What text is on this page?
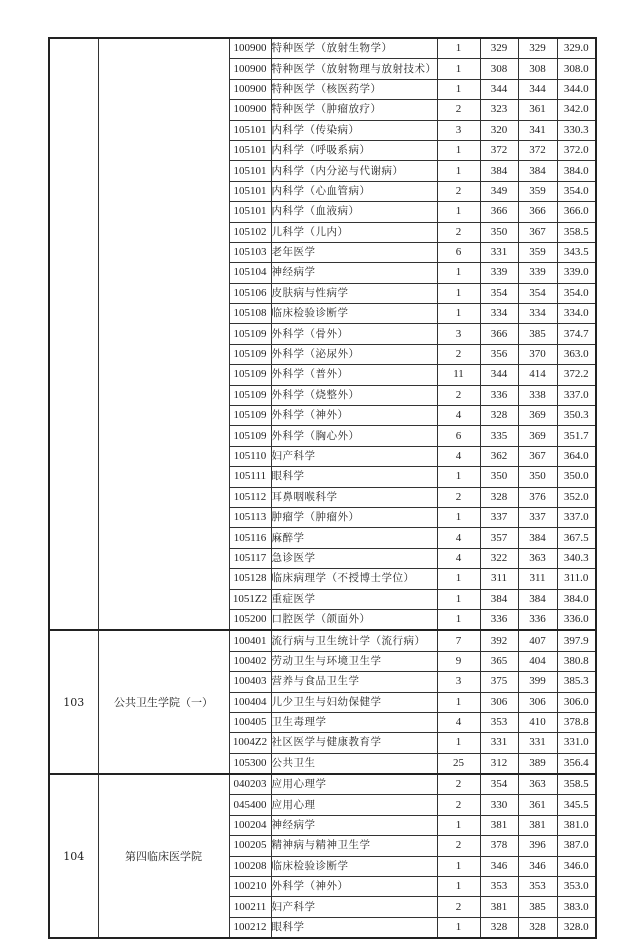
		100900	特种医学（放射生物学）	1	329	329	329.0
		100900	特种医学（放射物理与放射技术）	1	308	308	308.0
		100900	特种医学（核医药学）	1	344	344	344.0
		100900	特种医学（肿瘤放疗）	2	323	361	342.0
		105101	内科学（传染病）	3	320	341	330.3
		105101	内科学（呼吸系病）	1	372	372	372.0
		105101	内科学（内分泌与代谢病）	1	384	384	384.0
		105101	内科学（心血管病）	2	349	359	354.0
		105101	内科学（血液病）	1	366	366	366.0
		105102	儿科学（儿内）	2	350	367	358.5
		105103	老年医学	6	331	359	343.5
		105104	神经病学	1	339	339	339.0
		105106	皮肤病与性病学	1	354	354	354.0
		105108	临床检验诊断学	1	334	334	334.0
		105109	外科学（骨外）	3	366	385	374.7
		105109	外科学（泌尿外）	2	356	370	363.0
		105109	外科学（普外）	11	344	414	372.2
		105109	外科学（烧整外）	2	336	338	337.0
		105109	外科学（神外）	4	328	369	350.3
		105109	外科学（胸心外）	6	335	369	351.7
		105110	妇产科学	4	362	367	364.0
		105111	眼科学	1	350	350	350.0
		105112	耳鼻咽喉科学	2	328	376	352.0
		105113	肿瘤学（肿瘤外）	1	337	337	337.0
		105116	麻醉学	4	357	384	367.5
		105117	急诊医学	4	322	363	340.3
		105128	临床病理学（不授博士学位）	1	311	311	311.0
		1051Z2	重症医学	1	384	384	384.0
		105200	口腔医学（颌面外）	1	336	336	336.0
103	公共卫生学院（一）	100401	流行病与卫生统计学（流行病）	7	392	407	397.9
		100402	劳动卫生与环境卫生学	9	365	404	380.8
		100403	营养与食品卫生学	3	375	399	385.3
		100404	儿少卫生与妇幼保健学	1	306	306	306.0
		100405	卫生毒理学	4	353	410	378.8
		1004Z2	社区医学与健康教育学	1	331	331	331.0
		105300	公共卫生	25	312	389	356.4
104	第四临床医学院	040203	应用心理学	2	354	363	358.5
		045400	应用心理	2	330	361	345.5
		100204	神经病学	1	381	381	381.0
		100205	精神病与精神卫生学	2	378	396	387.0
		100208	临床检验诊断学	1	346	346	346.0
		100210	外科学（神外）	1	353	353	353.0
		100211	妇产科学	2	381	385	383.0
		100212	眼科学	1	328	328	328.0
